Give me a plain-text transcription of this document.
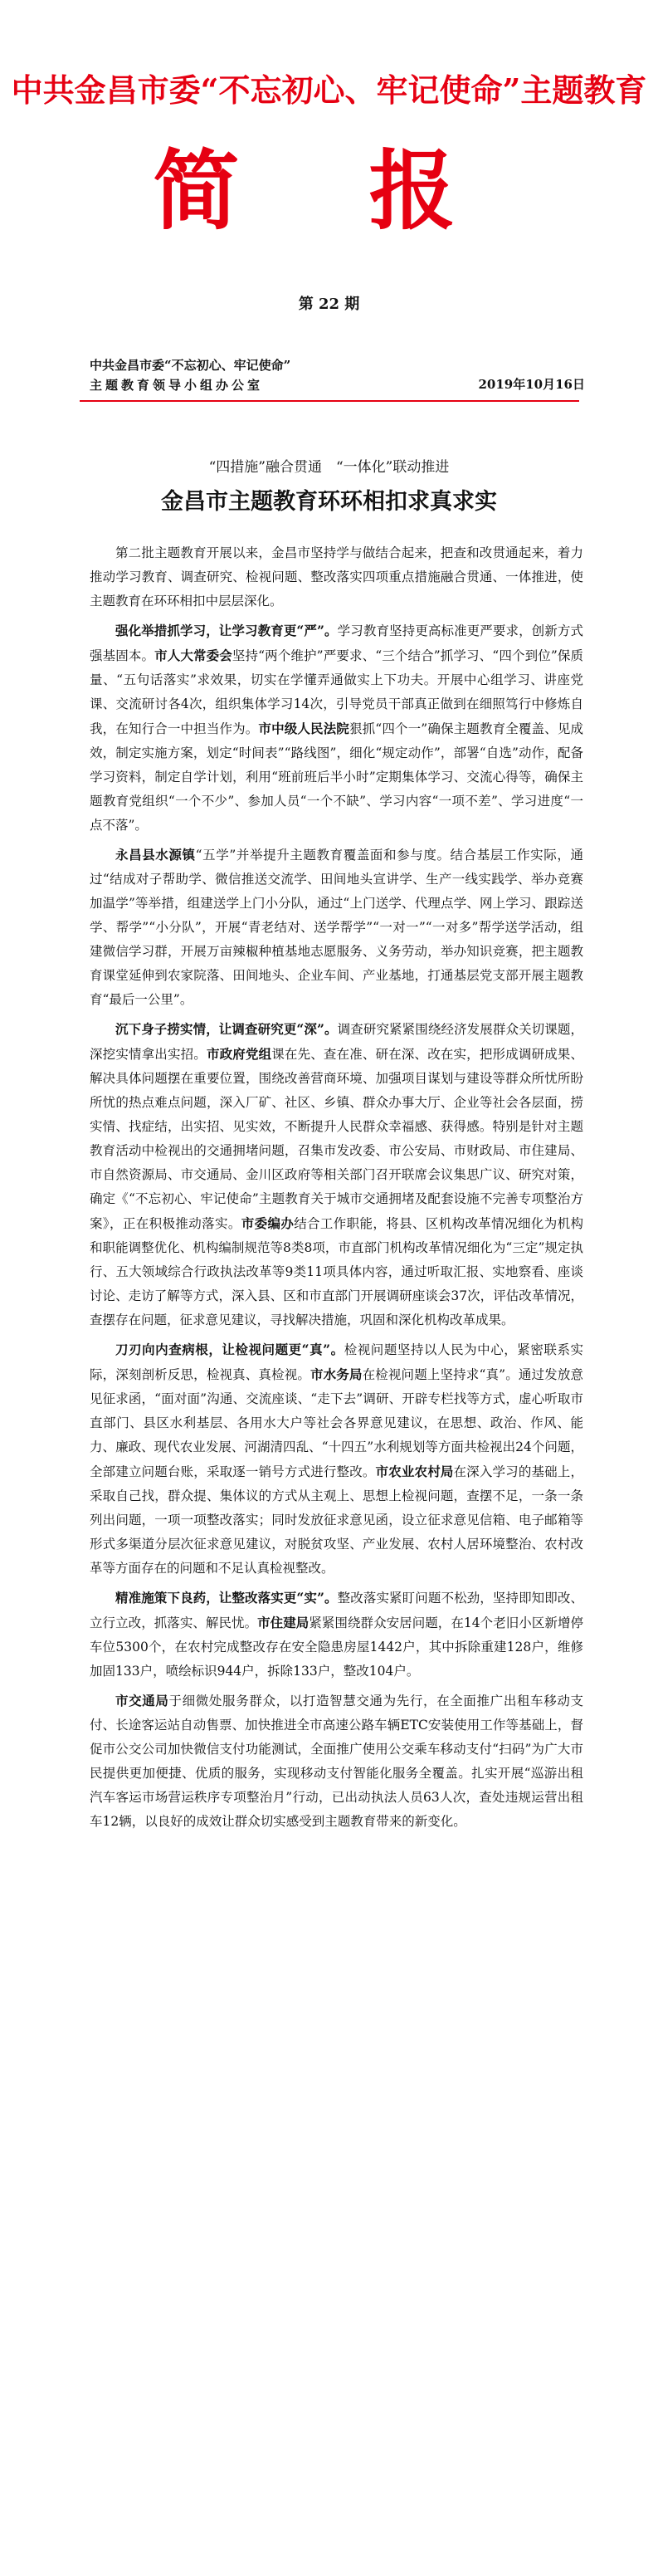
中共金昌市委“不忘初心、牢记使命”主题教育
简 报
第 22 期
中共金昌市委“不忘初心、牢记使命”
主题教育领导小组办公室	2019年10月16日
“四措施”融合贯通　“一体化”联动推进
金昌市主题教育环环相扣求真求实

第二批主题教育开展以来，金昌市坚持学与做结合起来，把查和改贯通起来，着力推动学习教育、调查研究、检视问题、整改落实四项重点措施融合贯通、一体推进，使主题教育在环环相扣中层层深化。

强化举措抓学习，让学习教育更“严”。学习教育坚持更高标准更严要求，创新方式强基固本。市人大常委会坚持“两个维护”严要求、“三个结合”抓学习、“四个到位”保质量、“五句话落实”求效果，切实在学懂弄通做实上下功夫。开展中心组学习、讲座党课、交流研讨各4次，组织集体学习14次，引导党员干部真正做到在细照笃行中修炼自我，在知行合一中担当作为。市中级人民法院狠抓“四个一”确保主题教育全覆盖、见成效，制定实施方案，划定“时间表”“路线图”，细化“规定动作”，部署“自选”动作，配备学习资料，制定自学计划，利用“班前班后半小时”定期集体学习、交流心得等，确保主题教育党组织“一个不少”、参加人员“一个不缺”、学习内容“一项不差”、学习进度“一点不落”。

永昌县水源镇“五学”并举提升主题教育覆盖面和参与度。结合基层工作实际，通过“结成对子帮助学、微信推送交流学、田间地头宣讲学、生产一线实践学、举办竞赛加温学”等举措，组建送学上门小分队，通过“上门送学、代理点学、网上学习、跟踪送学、帮学”“小分队”，开展“青老结对、送学帮学”“一对一”“一对多”帮学送学活动，组建微信学习群，开展万亩辣椒种植基地志愿服务、义务劳动，举办知识竞赛，把主题教育课堂延伸到农家院落、田间地头、企业车间、产业基地，打通基层党支部开展主题教育“最后一公里”。

沉下身子捞实情，让调查研究更“深”。调查研究紧紧围绕经济发展群众关切课题，深挖实情拿出实招。市政府党组课在先、查在准、研在深、改在实，把形成调研成果、解决具体问题摆在重要位置，围绕改善营商环境、加强项目谋划与建设等群众所忧所盼所忧的热点难点问题，深入厂矿、社区、乡镇、群众办事大厅、企业等社会各层面，捞实情、找症结，出实招、见实效，不断提升人民群众幸福感、获得感。特别是针对主题教育活动中检视出的交通拥堵问题，召集市发改委、市公安局、市财政局、市住建局、市自然资源局、市交通局、金川区政府等相关部门召开联席会议集思广议、研究对策，确定《“不忘初心、牢记使命”主题教育关于城市交通拥堵及配套设施不完善专项整治方案》，正在积极推动落实。市委编办结合工作职能，将县、区机构改革情况细化为机构和职能调整优化、机构编制规范等8类8项，市直部门机构改革情况细化为“三定”规定执行、五大领域综合行政执法改革等9类11项具体内容，通过听取汇报、实地察看、座谈讨论、走访了解等方式，深入县、区和市直部门开展调研座谈会37次，评估改革情况，查摆存在问题，征求意见建议，寻找解决措施，巩固和深化机构改革成果。

刀刃向内查病根，让检视问题更“真”。检视问题坚持以人民为中心，紧密联系实际，深刻剖析反思，检视真、真检视。市水务局在检视问题上坚持求“真”。通过发放意见征求函，“面对面”沟通、交流座谈、“走下去”调研、开辟专栏找等方式，虚心听取市直部门、县区水利基层、各用水大户等社会各界意见建议，在思想、政治、作风、能力、廉政、现代农业发展、河湖清四乱、“十四五”水利规划等方面共检视出24个问题，全部建立问题台账，采取逐一销号方式进行整改。市农业农村局在深入学习的基础上，采取自己找，群众提、集体议的方式从主观上、思想上检视问题，查摆不足，一条一条列出问题，一项一项整改落实；同时发放征求意见函，设立征求意见信箱、电子邮箱等形式多渠道分层次征求意见建议，对脱贫攻坚、产业发展、农村人居环境整治、农村改革等方面存在的问题和不足认真检视整改。

精准施策下良药，让整改落实更“实”。整改落实紧盯问题不松劲，坚持即知即改、立行立改，抓落实、解民忧。市住建局紧紧围绕群众安居问题，在14个老旧小区新增停车位5300个，在农村完成整改存在安全隐患房屋1442户，其中拆除重建128户，维修加固133户，喷绘标识944户，拆除133户，整改104户。

市交通局于细微处服务群众，以打造智慧交通为先行，在全面推广出租车移动支付、长途客运站自动售票、加快推进全市高速公路车辆ETC安装使用工作等基础上，督促市公交公司加快微信支付功能测试，全面推广使用公交乘车移动支付“扫码”为广大市民提供更加便捷、优质的服务，实现移动支付智能化服务全覆盖。扎实开展“巡游出租汽车客运市场营运秩序专项整治月”行动，已出动执法人员63人次，查处违规运营出租车12辆，以良好的成效让群众切实感受到主题教育带来的新变化。
